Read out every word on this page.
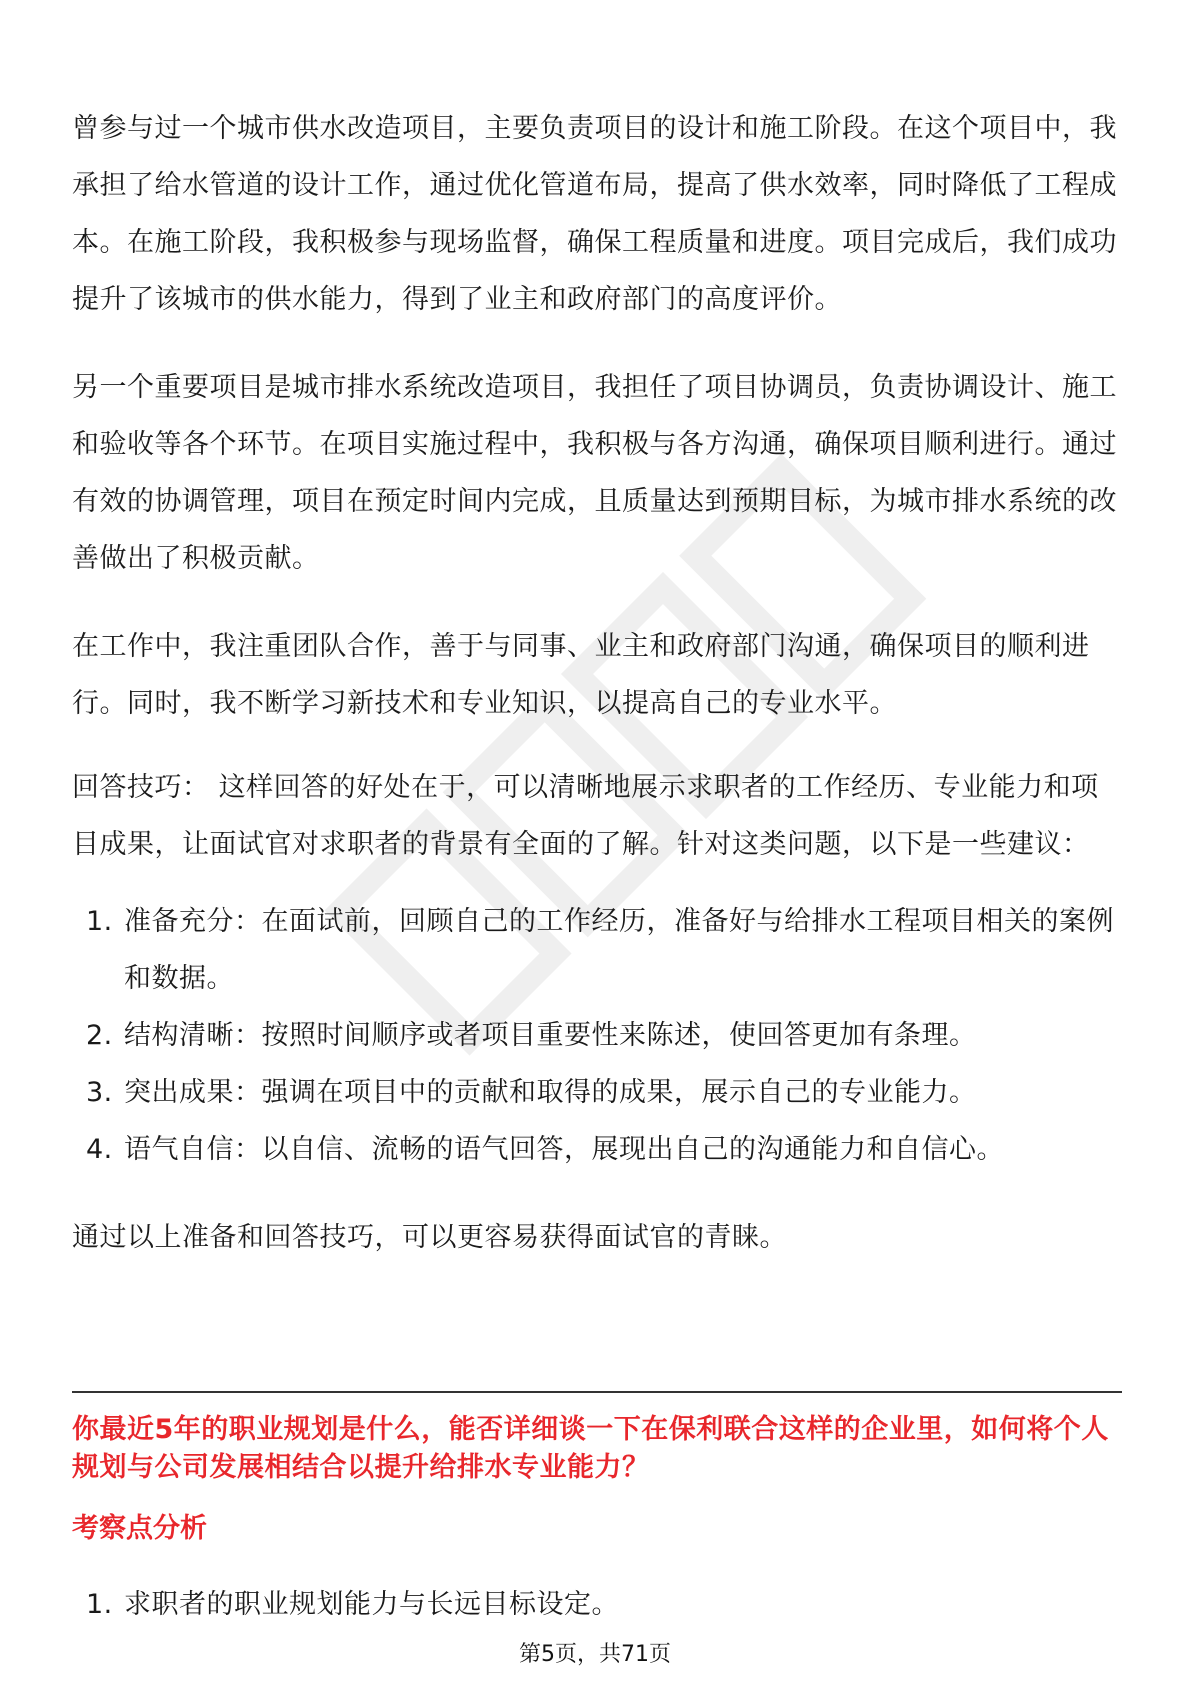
曾参与过一个城市供水改造项目，主要负责项目的设计和施工阶段。在这个项目中，我承担了给水管道的设计工作，通过优化管道布局，提高了供水效率，同时降低了工程成本。在施工阶段，我积极参与现场监督，确保工程质量和进度。项目完成后，我们成功提升了该城市的供水能力，得到了业主和政府部门的高度评价。

另一个重要项目是城市排水系统改造项目，我担任了项目协调员，负责协调设计、施工和验收等各个环节。在项目实施过程中，我积极与各方沟通，确保项目顺利进行。通过有效的协调管理，项目在预定时间内完成，且质量达到预期目标，为城市排水系统的改善做出了积极贡献。

在工作中，我注重团队合作，善于与同事、业主和政府部门沟通，确保项目的顺利进行。同时，我不断学习新技术和专业知识，以提高自己的专业水平。

回答技巧： 这样回答的好处在于，可以清晰地展示求职者的工作经历、专业能力和项目成果，让面试官对求职者的背景有全面的了解。针对这类问题，以下是一些建议：

1. 准备充分：在面试前，回顾自己的工作经历，准备好与给排水工程项目相关的案例和数据。
2. 结构清晰：按照时间顺序或者项目重要性来陈述，使回答更加有条理。
3. 突出成果：强调在项目中的贡献和取得的成果，展示自己的专业能力。
4. 语气自信：以自信、流畅的语气回答，展现出自己的沟通能力和自信心。

通过以上准备和回答技巧，可以更容易获得面试官的青睐。

你最近5年的职业规划是什么，能否详细谈一下在保利联合这样的企业里，如何将个人规划与公司发展相结合以提升给排水专业能力？

考察点分析

1. 求职者的职业规划能力与长远目标设定。
第5页，共71页
